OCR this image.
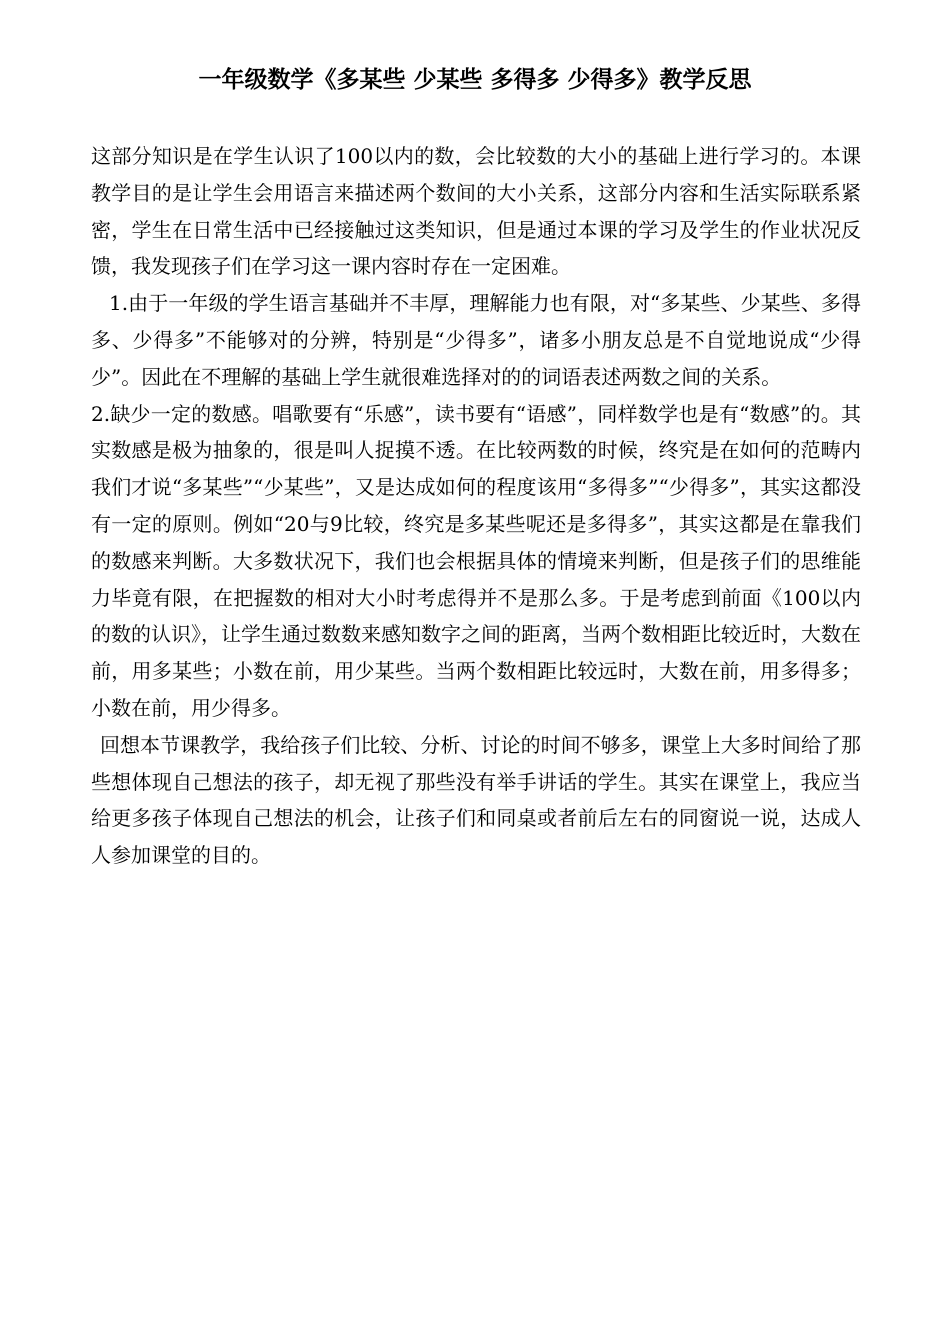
一年级数学《多某些 少某些 多得多 少得多》教学反思

这部分知识是在学生认识了100以内的数，会比较数的大小的基础上进行学习的。本课教学目的是让学生会用语言来描述两个数间的大小关系，这部分内容和生活实际联系紧密，学生在日常生活中已经接触过这类知识，但是通过本课的学习及学生的作业状况反馈，我发现孩子们在学习这一课内容时存在一定困难。

1.由于一年级的学生语言基础并不丰厚，理解能力也有限，对“多某些、少某些、多得多、少得多”不能够对的分辨，特别是“少得多”，诸多小朋友总是不自觉地说成“少得少”。因此在不理解的基础上学生就很难选择对的的词语表述两数之间的关系。

2.缺少一定的数感。唱歌要有“乐感”，读书要有“语感”，同样数学也是有“数感”的。其实数感是极为抽象的，很是叫人捉摸不透。在比较两数的时候，终究是在如何的范畴内我们才说“多某些”“少某些”，又是达成如何的程度该用“多得多”“少得多”，其实这都没有一定的原则。例如“20与9比较，终究是多某些呢还是多得多”，其实这都是在靠我们的数感来判断。大多数状况下，我们也会根据具体的情境来判断，但是孩子们的思维能力毕竟有限，在把握数的相对大小时考虑得并不是那么多。于是考虑到前面《100以内的数的认识》，让学生通过数数来感知数字之间的距离，当两个数相距比较近时，大数在前，用多某些；小数在前，用少某些。当两个数相距比较远时，大数在前，用多得多；小数在前，用少得多。

回想本节课教学，我给孩子们比较、分析、讨论的时间不够多，课堂上大多时间给了那些想体现自己想法的孩子，却无视了那些没有举手讲话的学生。其实在课堂上，我应当给更多孩子体现自己想法的机会，让孩子们和同桌或者前后左右的同窗说一说，达成人人参加课堂的目的。
